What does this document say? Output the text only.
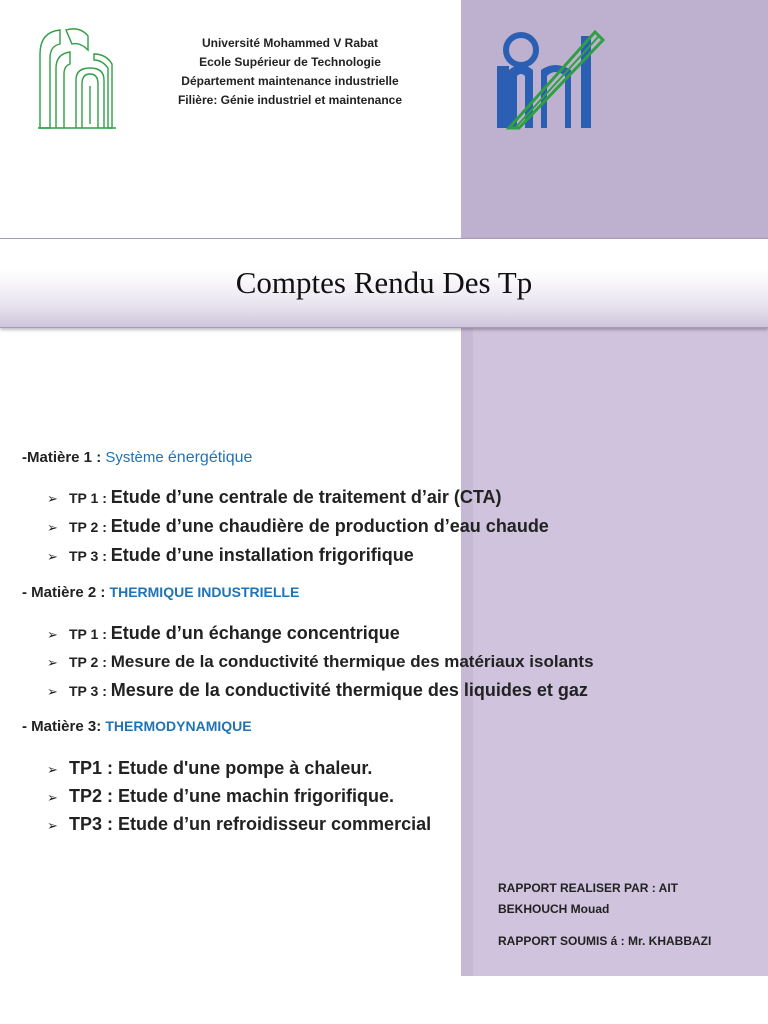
Université Mohammed V Rabat
Ecole Supérieur de Technologie
Département maintenance industrielle
Filière: Génie industriel et maintenance
Comptes Rendu Des Tp
-Matière 1 : Système énergétique
➢ TP 1 : Etude d’une centrale de traitement d’air (CTA)
➢ TP 2 : Etude d’une chaudière de production d’eau chaude
➢ TP 3 : Etude d’une installation frigorifique
- Matière 2 : THERMIQUE INDUSTRIELLE
➢ TP 1 : Etude d’un échange concentrique
➢ TP 2 : Mesure de la conductivité thermique des matériaux isolants
➢ TP 3 : Mesure de la conductivité thermique des liquides et gaz
- Matière 3: THERMODYNAMIQUE
➢ TP1 : Etude d'une pompe à chaleur.
➢ TP2 : Etude d’une machin frigorifique.
➢ TP3 : Etude d’un refroidisseur commercial
RAPPORT REALISER PAR : AIT
BEKHOUCH Mouad
RAPPORT SOUMIS á : Mr. KHABBAZI
